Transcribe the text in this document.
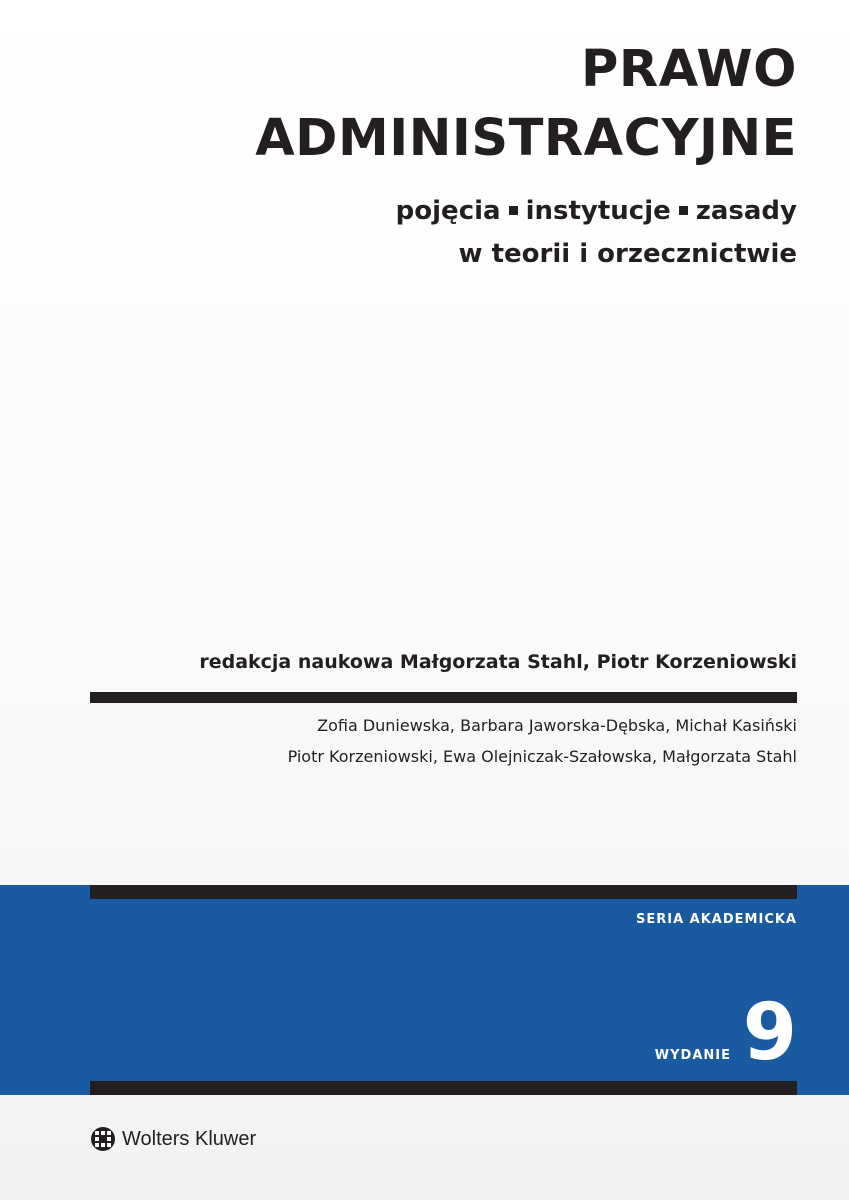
PRAWO
ADMINISTRACYJNE
pojęcia instytucje zasady
w teorii i orzecznictwie
redakcja naukowa Małgorzata Stahl, Piotr Korzeniowski
Zofia Duniewska, Barbara Jaworska-Dębska, Michał Kasiński
Piotr Korzeniowski, Ewa Olejniczak-Szałowska, Małgorzata Stahl
SERIA AKADEMICKA
WYDANIE 9
Wolters Kluwer
